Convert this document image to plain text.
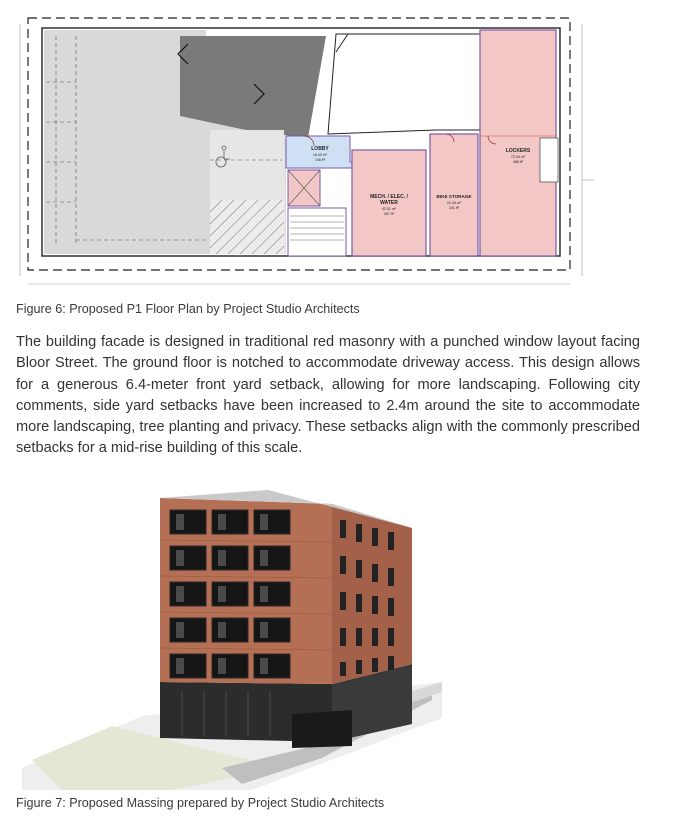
LOBBY
18.40 m²
198 ft²
MECH. / ELEC. /
WATER
42.51 m²
457 ft²
BIKE STORAGE
22.45 m²
241 ft²
LOCKERS
72.34 m²
488 ft²
Figure 6: Proposed P1 Floor Plan by Project Studio Architects
The building facade is designed in traditional red masonry with a punched window layout facing Bloor Street. The ground floor is notched to accommodate driveway access. This design allows for a generous 6.4-meter front yard setback, allowing for more landscaping. Following city comments, side yard setbacks have been increased to 2.4m around the site to accommodate more landscaping, tree planting and privacy. These setbacks align with the commonly prescribed setbacks for a mid-rise building of this scale.
Figure 7: Proposed Massing prepared by Project Studio Architects
